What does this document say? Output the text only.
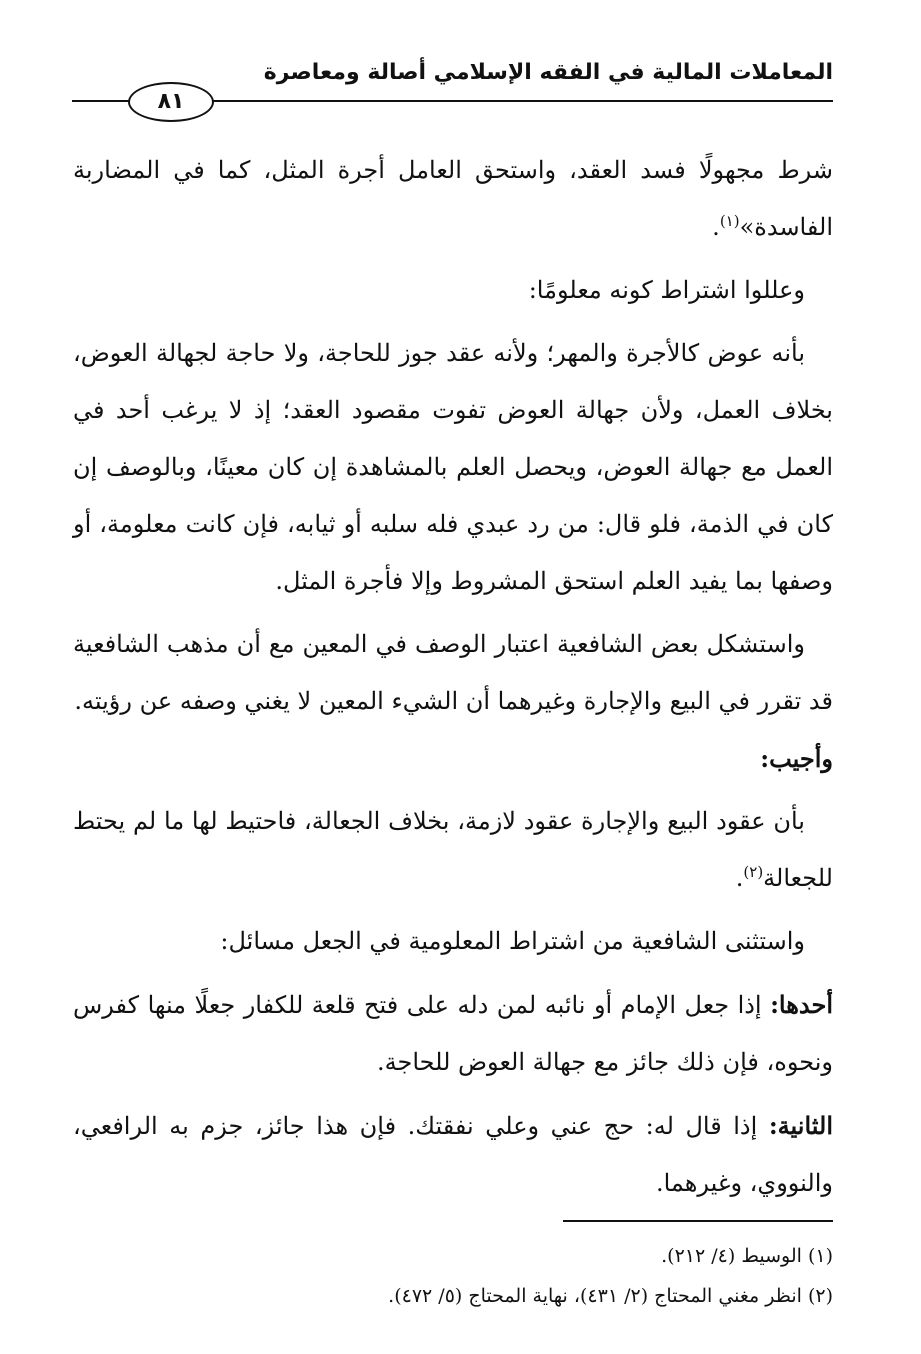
المعاملات المالية في الفقه الإسلامي أصالة ومعاصرة
٨١

شرط مجهولًا فسد العقد، واستحق العامل أجرة المثل، كما في المضاربة الفاسدة»$^{(١)}$.

وعللوا اشتراط كونه معلومًا:

بأنه عوض كالأجرة والمهر؛ ولأنه عقد جوز للحاجة، ولا حاجة لجهالة العوض، بخلاف العمل، ولأن جهالة العوض تفوت مقصود العقد؛ إذ لا يرغب أحد في العمل مع جهالة العوض، ويحصل العلم بالمشاهدة إن كان معينًا، وبالوصف إن كان في الذمة، فلو قال: من رد عبدي فله سلبه أو ثيابه، فإن كانت معلومة، أو وصفها بما يفيد العلم استحق المشروط وإلا فأجرة المثل.

واستشكل بعض الشافعية اعتبار الوصف في المعين مع أن مذهب الشافعية قد تقرر في البيع والإجارة وغيرهما أن الشيء المعين لا يغني وصفه عن رؤيته.

وأجيب:

بأن عقود البيع والإجارة عقود لازمة، بخلاف الجعالة، فاحتيط لها ما لم يحتط للجعالة$^{(٢)}$.

واستثنى الشافعية من اشتراط المعلومية في الجعل مسائل:

أحدها: إذا جعل الإمام أو نائبه لمن دله على فتح قلعة للكفار جعلًا منها كفرس ونحوه، فإن ذلك جائز مع جهالة العوض للحاجة.

الثانية: إذا قال له: حج عني وعلي نفقتك. فإن هذا جائز، جزم به الرافعي، والنووي، وغيرهما.

(١) الوسيط (٤/ ٢١٢).
(٢) انظر مغني المحتاج (٢/ ٤٣١)، نهاية المحتاج (٥/ ٤٧٢).
